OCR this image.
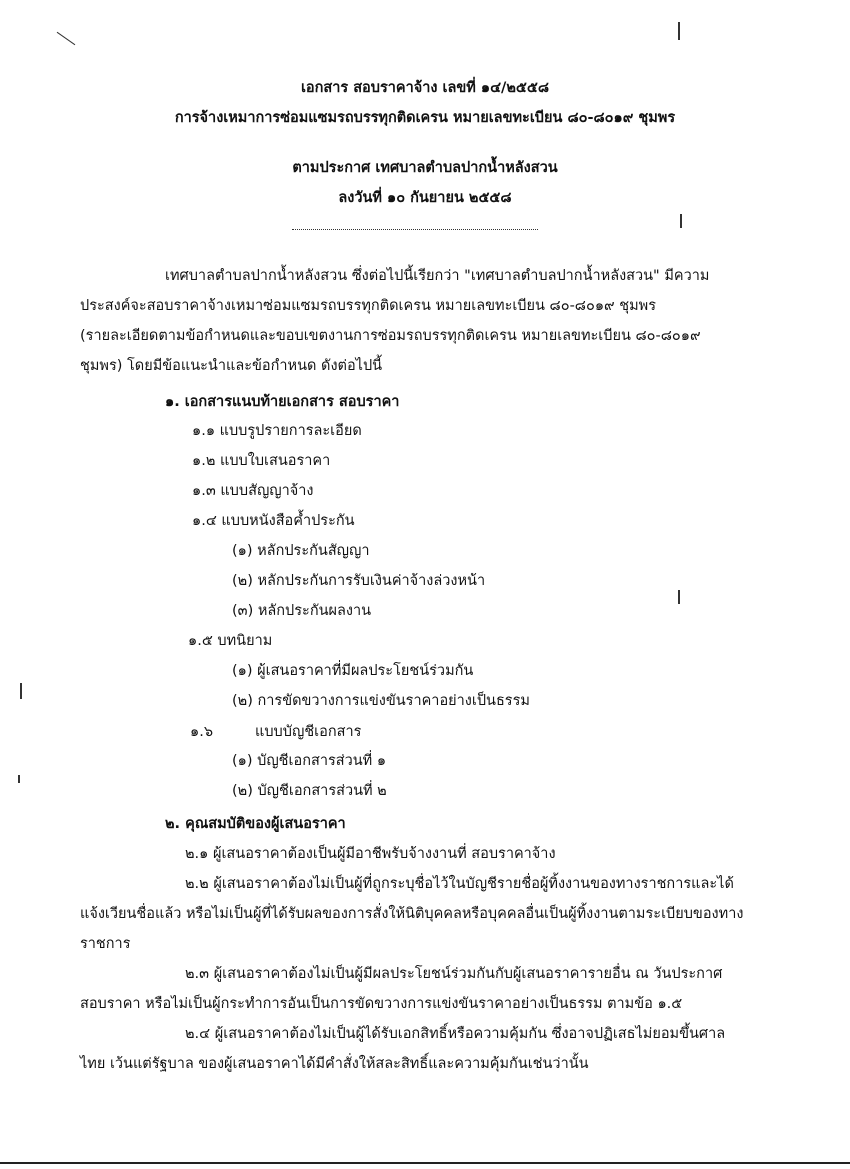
เอกสาร สอบราคาจ้าง เลขที่ ๑๔/๒๕๕๘
การจ้างเหมาการซ่อมแซมรถบรรทุกติดเครน หมายเลขทะเบียน ๘๐-๘๐๑๙ ชุมพร
ตามประกาศ เทศบาลตำบลปากน้ำหลังสวน
ลงวันที่ ๑๐ กันยายน ๒๕๕๘
เทศบาลตำบลปากน้ำหลังสวน ซึ่งต่อไปนี้เรียกว่า "เทศบาลตำบลปากน้ำหลังสวน" มีความ
ประสงค์จะสอบราคาจ้างเหมาซ่อมแซมรถบรรทุกติดเครน หมายเลขทะเบียน ๘๐-๘๐๑๙ ชุมพร
(รายละเอียดตามข้อกำหนดและขอบเขตงานการซ่อมรถบรรทุกติดเครน หมายเลขทะเบียน ๘๐-๘๐๑๙
ชุมพร) โดยมีข้อแนะนำและข้อกำหนด ดังต่อไปนี้
๑. เอกสารแนบท้ายเอกสาร สอบราคา
๑.๑ แบบรูปรายการละเอียด
๑.๒ แบบใบเสนอราคา
๑.๓ แบบสัญญาจ้าง
๑.๔ แบบหนังสือค้ำประกัน
(๑) หลักประกันสัญญา
(๒) หลักประกันการรับเงินค่าจ้างล่วงหน้า
(๓) หลักประกันผลงาน
๑.๕ บทนิยาม
(๑) ผู้เสนอราคาที่มีผลประโยชน์ร่วมกัน
(๒) การขัดขวางการแข่งขันราคาอย่างเป็นธรรม
๑.๖	แบบบัญชีเอกสาร
(๑) บัญชีเอกสารส่วนที่ ๑
(๒) บัญชีเอกสารส่วนที่ ๒
๒. คุณสมบัติของผู้เสนอราคา
๒.๑ ผู้เสนอราคาต้องเป็นผู้มีอาชีพรับจ้างงานที่ สอบราคาจ้าง
๒.๒ ผู้เสนอราคาต้องไม่เป็นผู้ที่ถูกระบุชื่อไว้ในบัญชีรายชื่อผู้ทิ้งงานของทางราชการและได้
แจ้งเวียนชื่อแล้ว หรือไม่เป็นผู้ที่ได้รับผลของการสั่งให้นิติบุคคลหรือบุคคลอื่นเป็นผู้ทิ้งงานตามระเบียบของทาง
ราชการ
๒.๓ ผู้เสนอราคาต้องไม่เป็นผู้มีผลประโยชน์ร่วมกันกับผู้เสนอราคารายอื่น ณ วันประกาศ
สอบราคา หรือไม่เป็นผู้กระทำการอันเป็นการขัดขวางการแข่งขันราคาอย่างเป็นธรรม ตามข้อ ๑.๕
๒.๔ ผู้เสนอราคาต้องไม่เป็นผู้ได้รับเอกสิทธิ์หรือความคุ้มกัน ซึ่งอาจปฏิเสธไม่ยอมขึ้นศาล
ไทย เว้นแต่รัฐบาล ของผู้เสนอราคาได้มีคำสั่งให้สละสิทธิ์และความคุ้มกันเช่นว่านั้น
